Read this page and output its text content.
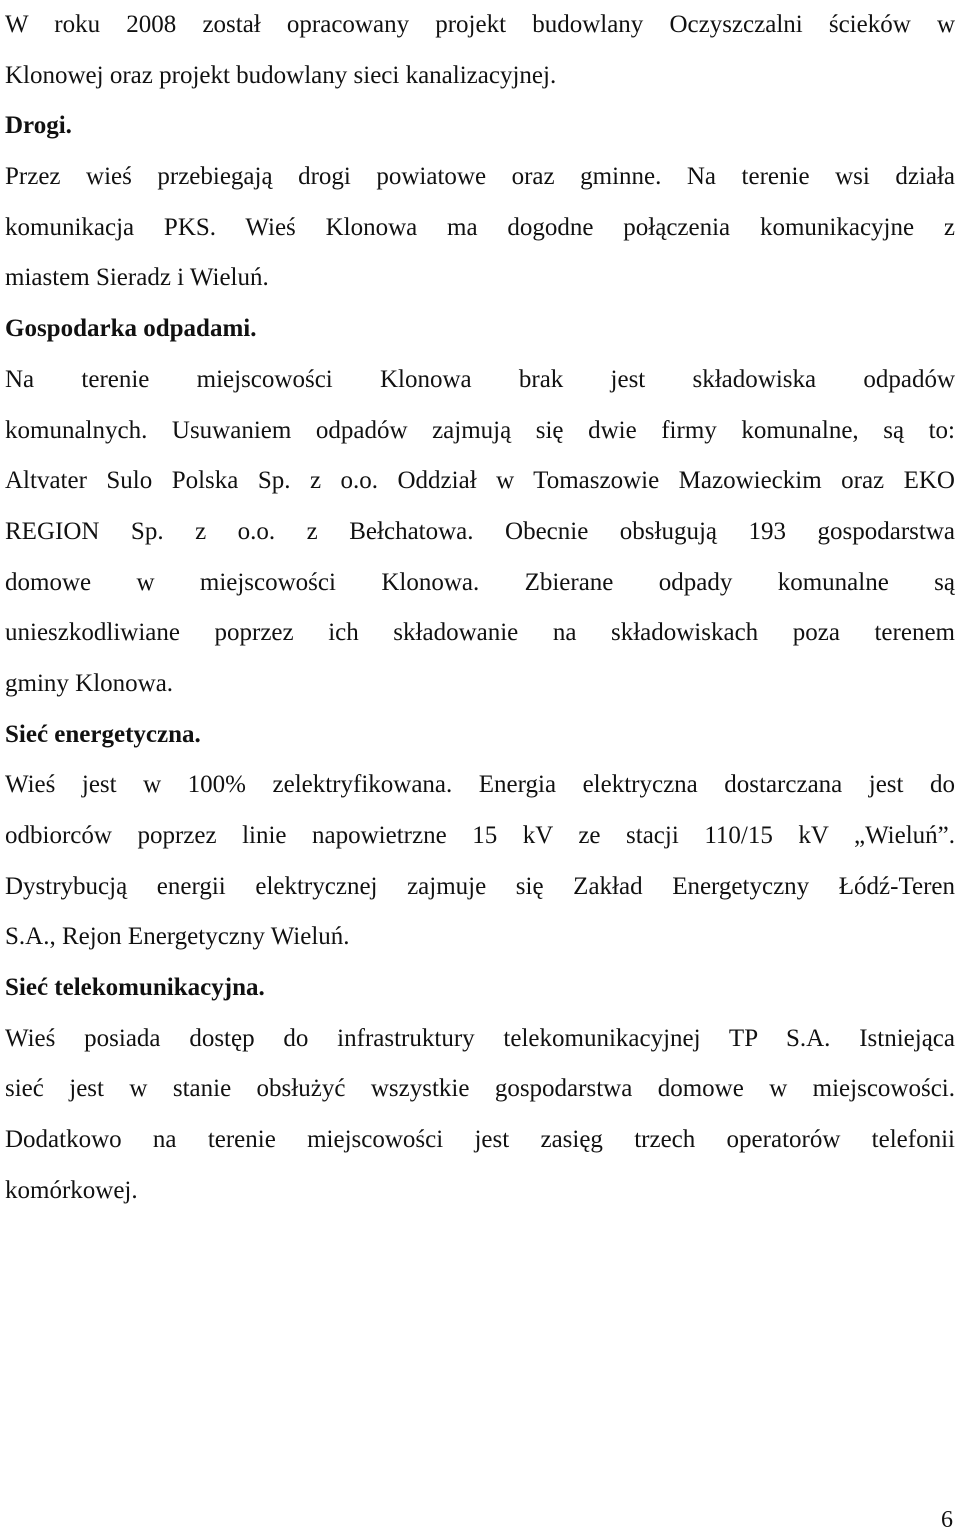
W roku 2008 został opracowany projekt budowlany Oczyszczalni ścieków w
Klonowej oraz projekt budowlany sieci kanalizacyjnej.
Drogi.
Przez wieś przebiegają drogi powiatowe oraz gminne. Na terenie wsi działa
komunikacja PKS. Wieś Klonowa ma dogodne połączenia komunikacyjne z
miastem Sieradz i Wieluń.
Gospodarka odpadami.
Na terenie miejscowości Klonowa brak jest składowiska odpadów
komunalnych. Usuwaniem odpadów zajmują się dwie firmy komunalne, są to:
Altvater Sulo Polska Sp. z o.o. Oddział w Tomaszowie Mazowieckim oraz EKO
REGION Sp. z o.o. z Bełchatowa. Obecnie obsługują 193 gospodarstwa
domowe w miejscowości Klonowa. Zbierane odpady komunalne są
unieszkodliwiane poprzez ich składowanie na składowiskach poza terenem
gminy Klonowa.
Sieć energetyczna.
Wieś jest w 100% zelektryfikowana. Energia elektryczna dostarczana jest do
odbiorców poprzez linie napowietrzne 15 kV ze stacji 110/15 kV „Wieluń”.
Dystrybucją energii elektrycznej zajmuje się Zakład Energetyczny Łódź-Teren
S.A., Rejon Energetyczny Wieluń.
Sieć telekomunikacyjna.
Wieś posiada dostęp do infrastruktury telekomunikacyjnej TP S.A. Istniejąca
sieć jest w stanie obsłużyć wszystkie gospodarstwa domowe w miejscowości.
Dodatkowo na terenie miejscowości jest zasięg trzech operatorów telefonii
komórkowej.
6
